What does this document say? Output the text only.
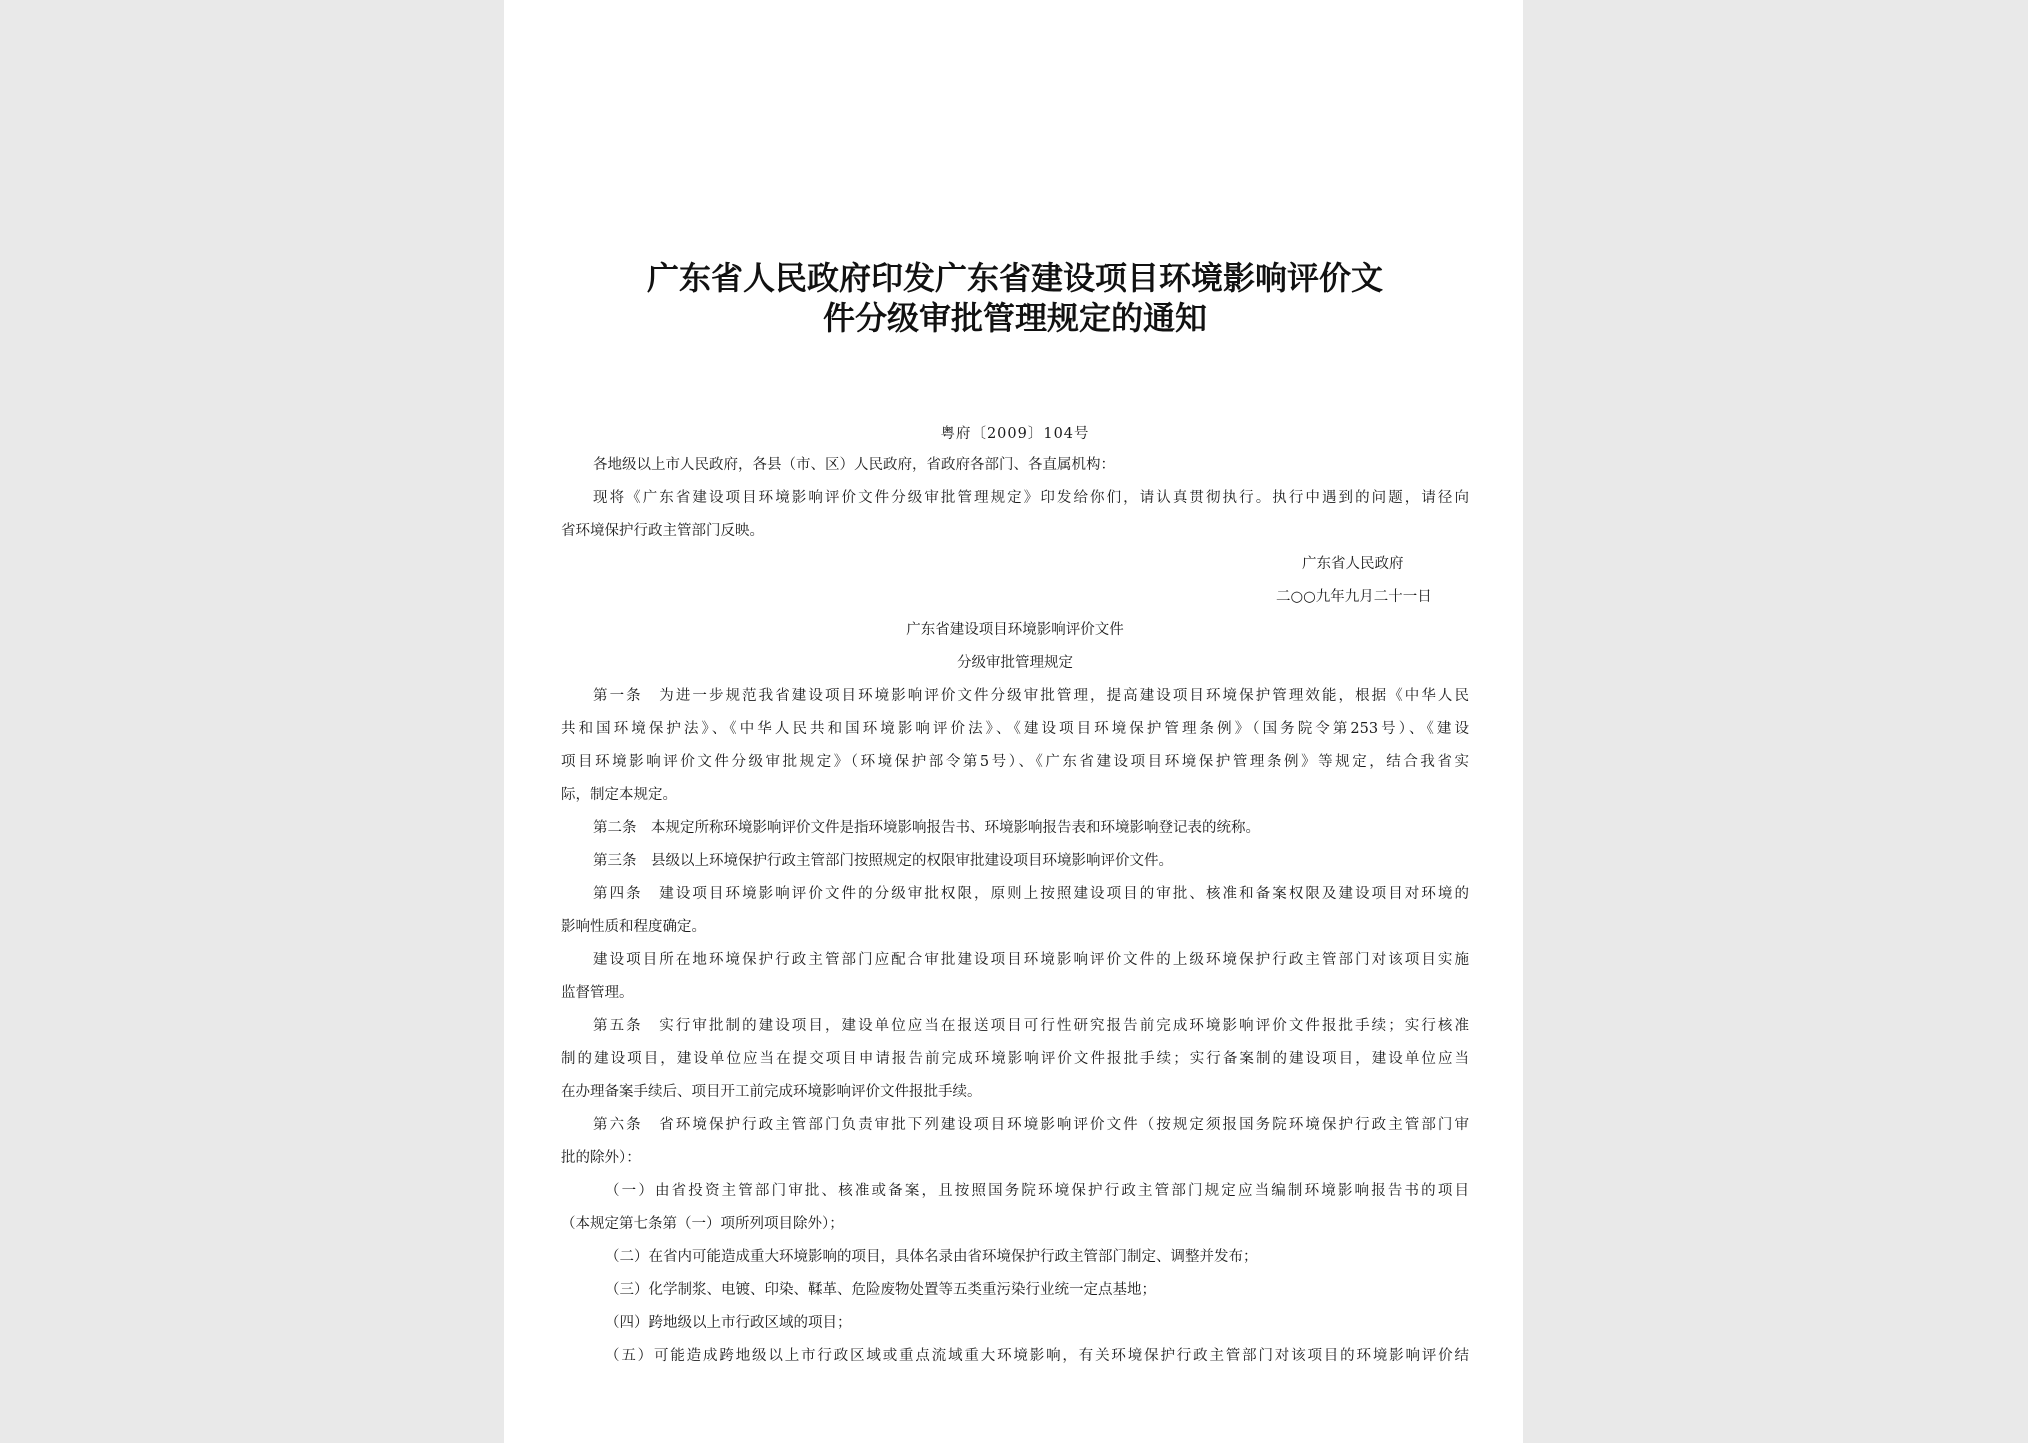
广东省人民政府印发广东省建设项目环境影响评价文
件分级审批管理规定的通知
粤府〔2009〕104号
各地级以上市人民政府，各县（市、区）人民政府，省政府各部门、各直属机构：
现将《广东省建设项目环境影响评价文件分级审批管理规定》印发给你们，请认真贯彻执行。执行中遇到的问题，请径向
省环境保护行政主管部门反映。
广东省人民政府
二○○九年九月二十一日
广东省建设项目环境影响评价文件
分级审批管理规定
第一条　为进一步规范我省建设项目环境影响评价文件分级审批管理，提高建设项目环境保护管理效能，根据《中华人民
共和国环境保护法》、《中华人民共和国环境影响评价法》、《建设项目环境保护管理条例》（国务院令第253号）、《建设
项目环境影响评价文件分级审批规定》（环境保护部令第5号）、《广东省建设项目环境保护管理条例》等规定，结合我省实
际，制定本规定。
第二条　本规定所称环境影响评价文件是指环境影响报告书、环境影响报告表和环境影响登记表的统称。
第三条　县级以上环境保护行政主管部门按照规定的权限审批建设项目环境影响评价文件。
第四条　建设项目环境影响评价文件的分级审批权限，原则上按照建设项目的审批、核准和备案权限及建设项目对环境的
影响性质和程度确定。
建设项目所在地环境保护行政主管部门应配合审批建设项目环境影响评价文件的上级环境保护行政主管部门对该项目实施
监督管理。
第五条　实行审批制的建设项目，建设单位应当在报送项目可行性研究报告前完成环境影响评价文件报批手续；实行核准
制的建设项目，建设单位应当在提交项目申请报告前完成环境影响评价文件报批手续；实行备案制的建设项目，建设单位应当
在办理备案手续后、项目开工前完成环境影响评价文件报批手续。
第六条　省环境保护行政主管部门负责审批下列建设项目环境影响评价文件（按规定须报国务院环境保护行政主管部门审
批的除外）：
（一）由省投资主管部门审批、核准或备案，且按照国务院环境保护行政主管部门规定应当编制环境影响报告书的项目
（本规定第七条第（一）项所列项目除外）；
（二）在省内可能造成重大环境影响的项目，具体名录由省环境保护行政主管部门制定、调整并发布；
（三）化学制浆、电镀、印染、鞣革、危险废物处置等五类重污染行业统一定点基地；
（四）跨地级以上市行政区域的项目；
（五）可能造成跨地级以上市行政区域或重点流域重大环境影响，有关环境保护行政主管部门对该项目的环境影响评价结
